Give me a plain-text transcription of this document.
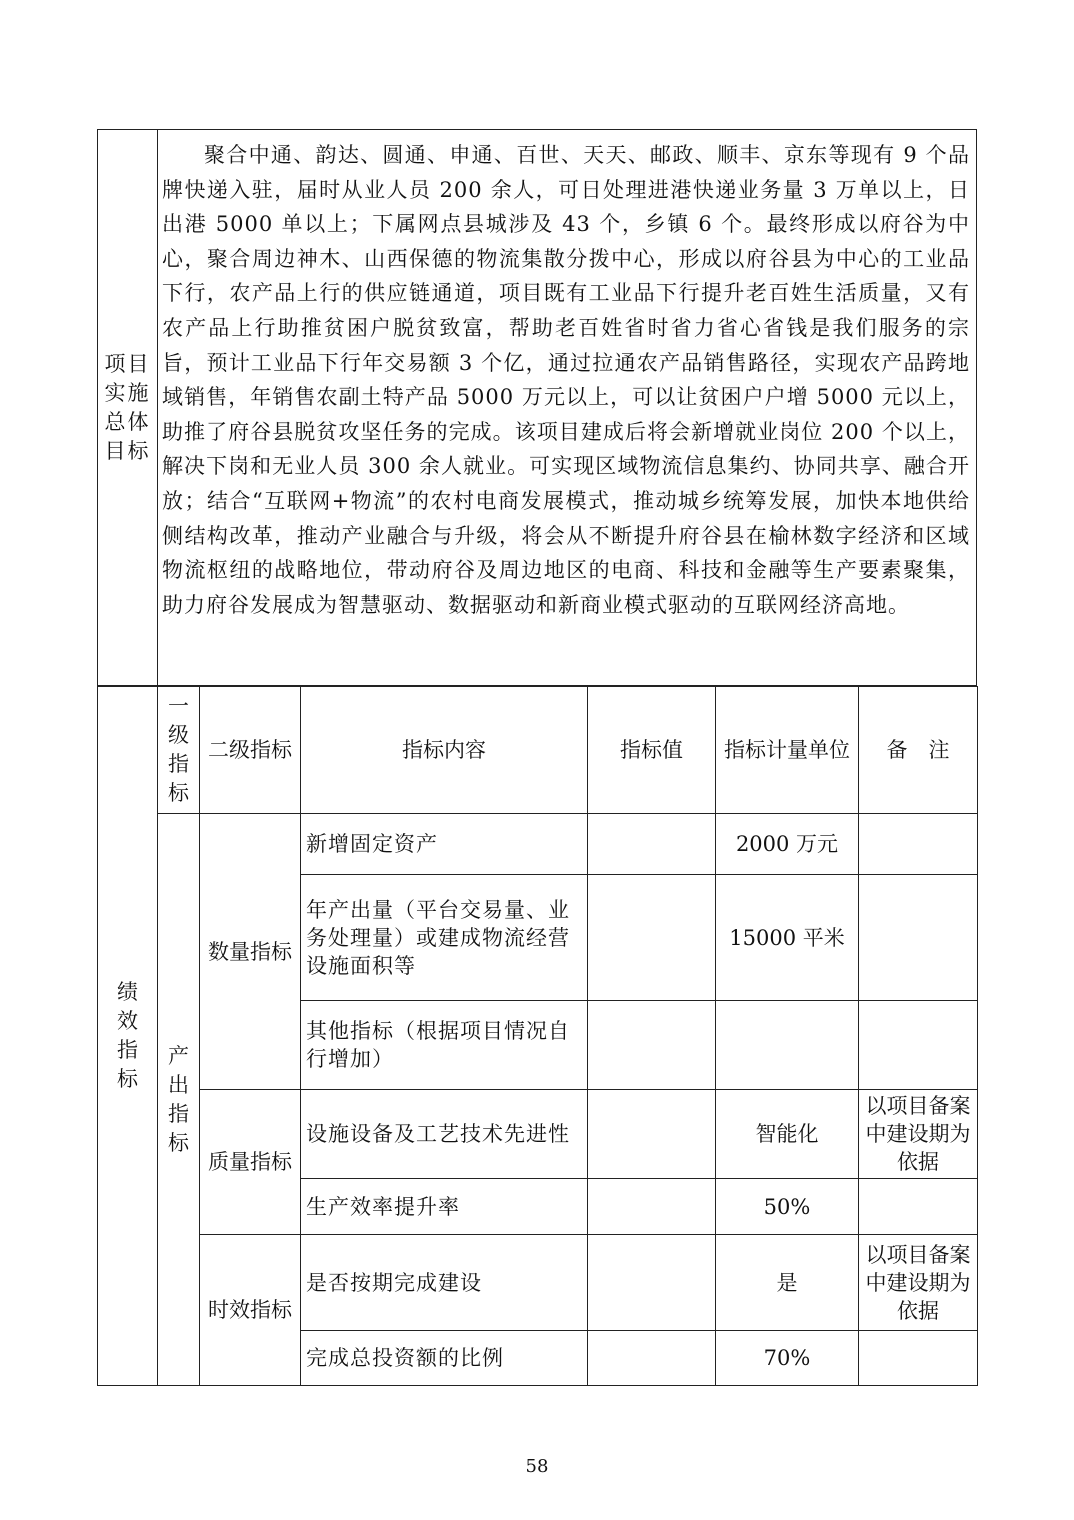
项目实施总体目标
聚合中通、韵达、圆通、申通、百世、天天、邮政、顺丰、京东等现有 9 个品牌快递入驻，届时从业人员 200 余人，可日处理进港快递业务量 3 万单以上，日出港 5000 单以上；下属网点县城涉及 43 个，乡镇 6 个。最终形成以府谷为中心，聚合周边神木、山西保德的物流集散分拨中心，形成以府谷县为中心的工业品下行，农产品上行的供应链通道，项目既有工业品下行提升老百姓生活质量，又有农产品上行助推贫困户脱贫致富，帮助老百姓省时省力省心省钱是我们服务的宗旨，预计工业品下行年交易额 3 个亿，通过拉通农产品销售路径，实现农产品跨地域销售，年销售农副土特产品 5000 万元以上，可以让贫困户户增 5000 元以上，助推了府谷县脱贫攻坚任务的完成。该项目建成后将会新增就业岗位 200 个以上，解决下岗和无业人员 300 余人就业。可实现区域物流信息集约、协同共享、融合开放；结合“互联网+物流”的农村电商发展模式，推动城乡统筹发展，加快本地供给侧结构改革，推动产业融合与升级，将会从不断提升府谷县在榆林数字经济和区域物流枢纽的战略地位，带动府谷及周边地区的电商、科技和金融等生产要素聚集，助力府谷发展成为智慧驱动、数据驱动和新商业模式驱动的互联网经济高地。
绩效指标	一级指标	二级指标	指标内容	指标值	指标计量单位	备　注

	产出指标	数量指标	新增固定资产		2000 万元	
			年产出量（平台交易量、业务处理量）或建成物流经营设施面积等		15000 平米	
			其他指标（根据项目情况自行增加）			
		质量指标	设施设备及工艺技术先进性		智能化	以项目备案中建设期为依据
			生产效率提升率		50%	
		时效指标	是否按期完成建设		是	以项目备案中建设期为依据
			完成总投资额的比例		70%	
58
